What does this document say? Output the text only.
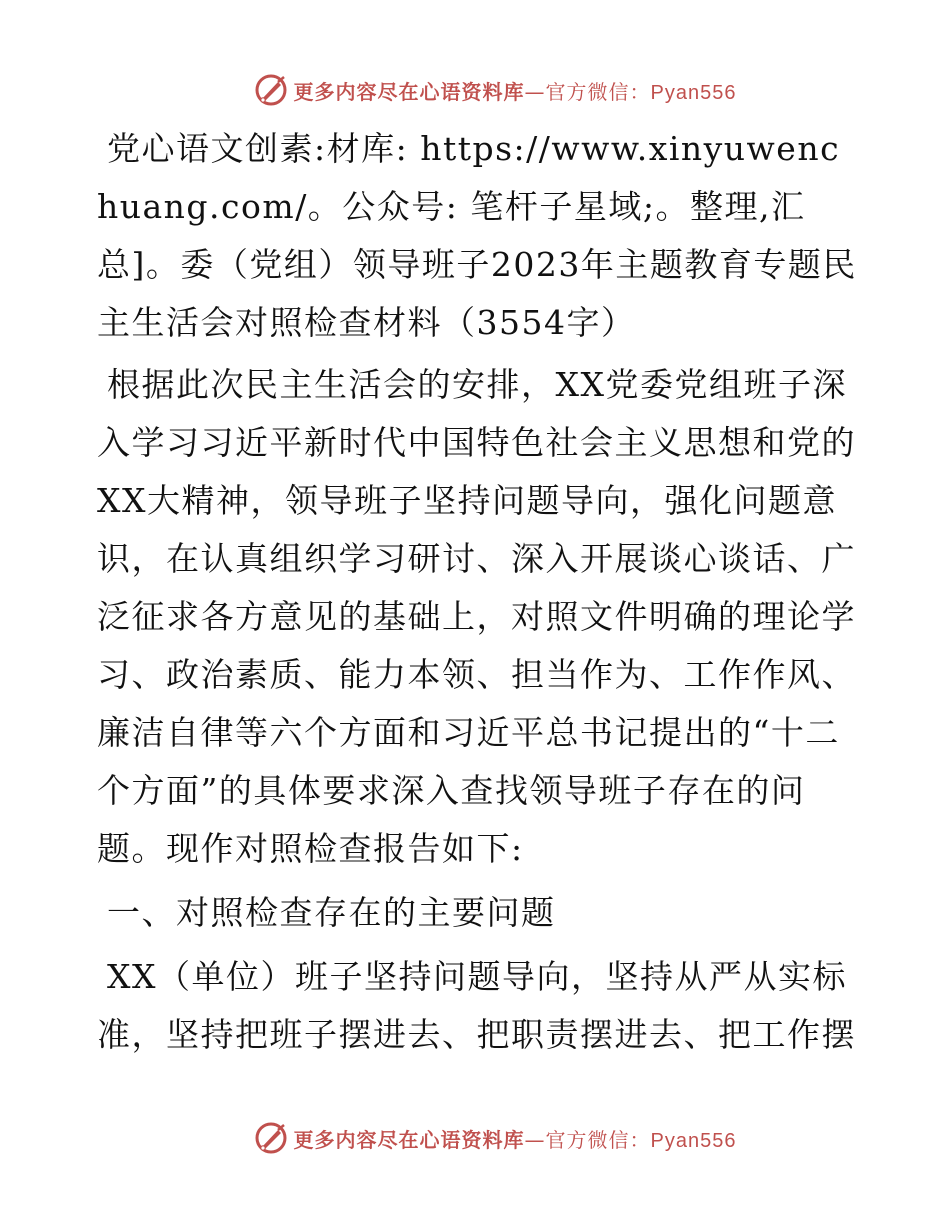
更多内容尽在心语资料库—官方微信：Pyan556

党心语文创素:材库: https://www.xinyuwenchuang.com/。公众号: 笔杆子星域;。整理,汇总]。委（党组）领导班子2023年主题教育专题民主生活会对照检查材料（3554字）

根据此次民主生活会的安排，XX党委党组班子深入学习习近平新时代中国特色社会主义思想和党的XX大精神，领导班子坚持问题导向，强化问题意识，在认真组织学习研讨、深入开展谈心谈话、广泛征求各方意见的基础上，对照文件明确的理论学习、政治素质、能力本领、担当作为、工作作风、廉洁自律等六个方面和习近平总书记提出的“十二个方面”的具体要求深入查找领导班子存在的问题。现作对照检查报告如下:

一、对照检查存在的主要问题

XX（单位）班子坚持问题导向，坚持从严从实标准，坚持把班子摆进去、把职责摆进去、把工作摆

更多内容尽在心语资料库—官方微信：Pyan556
